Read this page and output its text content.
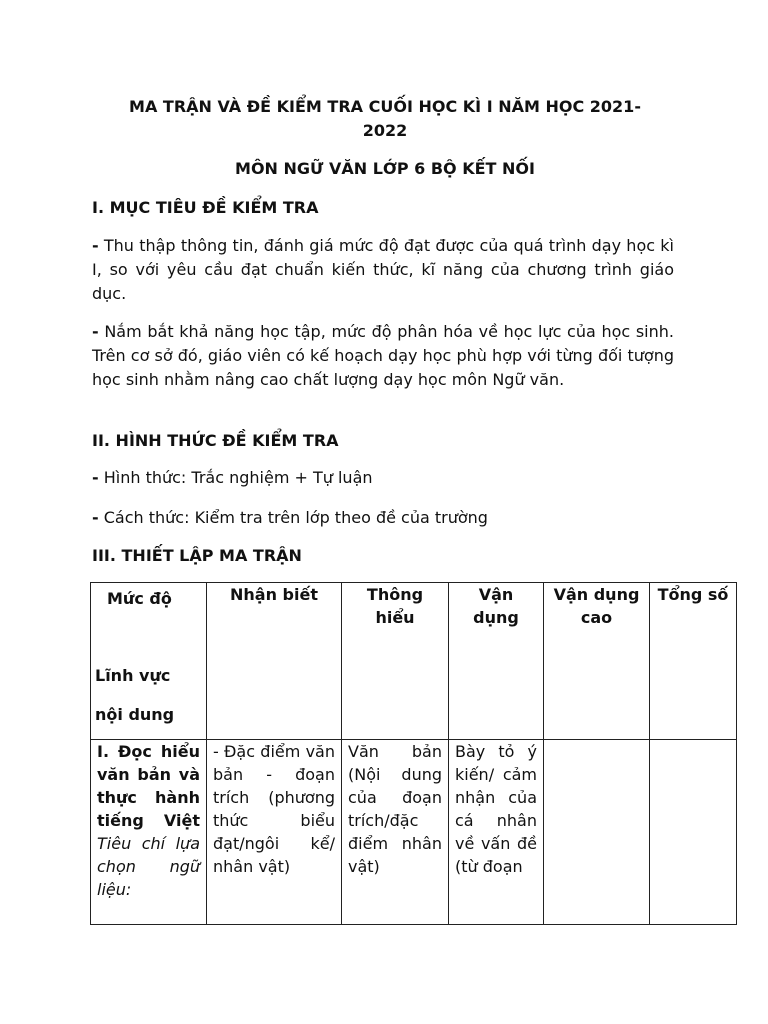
MA TRẬN VÀ ĐỀ KIỂM TRA CUỐI HỌC KÌ I NĂM HỌC 2021-
2022
MÔN NGỮ VĂN LỚP 6 BỘ KẾT NỐI
I. MỤC TIÊU ĐỀ KIỂM TRA
- Thu thập thông tin, đánh giá mức độ đạt được của quá trình dạy học kì I, so với yêu cầu đạt chuẩn kiến thức, kĩ năng của chương trình giáo dục.
- Nắm bắt khả năng học tập, mức độ phân hóa về học lực của học sinh. Trên cơ sở đó, giáo viên có kế hoạch dạy học phù hợp với từng đối tượng học sinh nhằm nâng cao chất lượng dạy học môn Ngữ văn.
II. HÌNH THỨC ĐỀ KIỂM TRA
- Hình thức: Trắc nghiệm + Tự luận
- Cách thức: Kiểm tra trên lớp theo đề của trường
III. THIẾT LẬP MA TRẬN
Mức độ
Lĩnh vực
nội dung	Nhận biết	Thông hiểu	Vận dụng	Vận dụng cao	Tổng số
I. Đọc hiểu văn bản và thực hành tiếng Việt Tiêu chí lựa chọn ngữ liệu:	- Đặc điểm văn bản - đoạn trích (phương thức biểu đạt/ngôi kể/ nhân vật)	Văn bản (Nội dung của đoạn trích/đặc điểm nhân vật)	Bày tỏ ý kiến/ cảm nhận của cá nhân về vấn đề (từ đoạn		
